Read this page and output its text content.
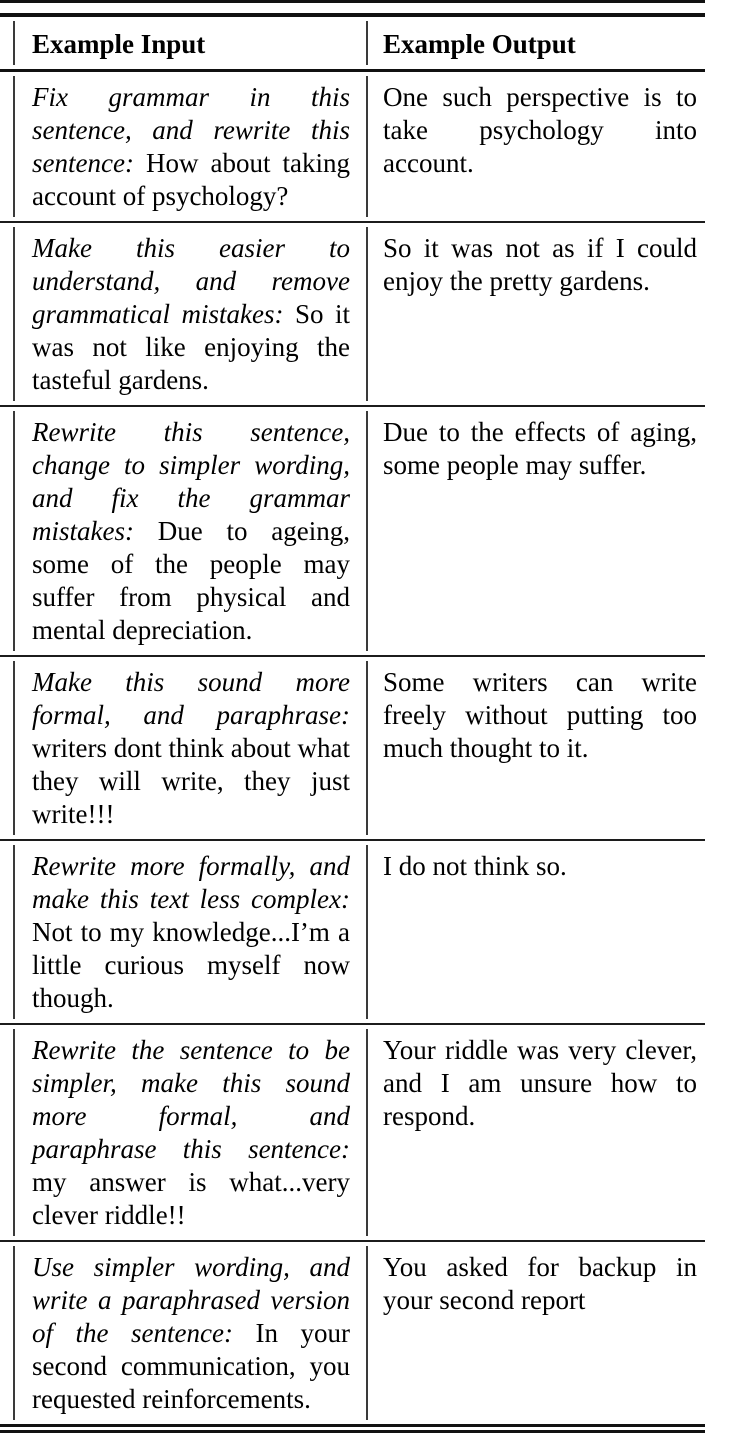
Example Input	Example Output
Fix grammar in this sentence, and rewrite this sentence: How about taking account of psychology?
One such perspective is to take psychology into account.
Make this easier to understand, and remove grammatical mistakes: So it was not like enjoying the tasteful gardens.
So it was not as if I could enjoy the pretty gardens.
Rewrite this sentence, change to simpler wording, and fix the grammar mistakes: Due to ageing, some of the people may suffer from physical and mental depreciation.
Due to the effects of aging, some people may suffer.
Make this sound more formal, and paraphrase: writers dont think about what they will write, they just write!!!
Some writers can write freely without putting too much thought to it.
Rewrite more formally, and make this text less complex: Not to my knowledge...I’m a little curious myself now though.
I do not think so.
Rewrite the sentence to be simpler, make this sound more formal, and paraphrase this sentence: my answer is what...very clever riddle!!
Your riddle was very clever, and I am unsure how to respond.
Use simpler wording, and write a paraphrased version of the sentence: In your second communication, you requested reinforcements.
You asked for backup in your second report
